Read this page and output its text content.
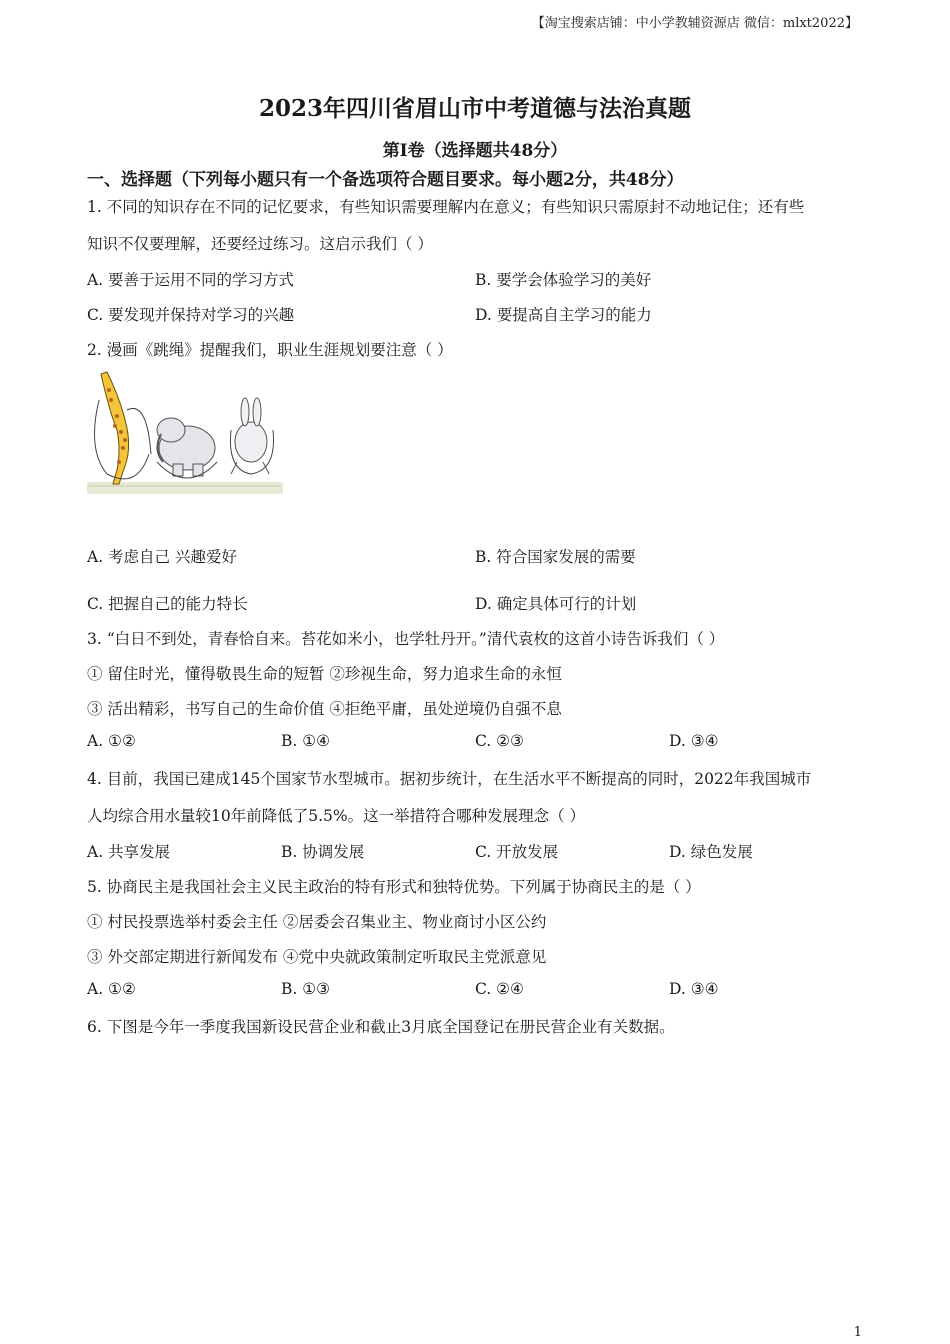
【淘宝搜索店铺：中小学教辅资源店 微信：mlxt2022】
2023年四川省眉山市中考道德与法治真题
第I卷（选择题共48分）
一、选择题（下列每小题只有一个备选项符合题目要求。每小题2分，共48分）
1. 不同的知识存在不同的记忆要求，有些知识需要理解内在意义；有些知识只需原封不动地记住；还有些
知识不仅要理解，还要经过练习。这启示我们（ ）
A. 要善于运用不同的学习方式	B. 要学会体验学习的美好
C. 要发现并保持对学习的兴趣	D. 要提高自主学习的能力
2. 漫画《跳绳》提醒我们，职业生涯规划要注意（ ）
A. 考虑自己 兴趣爱好	B. 符合国家发展的需要
C. 把握自己的能力特长	D. 确定具体可行的计划
3. “白日不到处，青春恰自来。苔花如米小，也学牡丹开。”清代袁枚的这首小诗告诉我们（ ）
① 留住时光，懂得敬畏生命的短暂 ②珍视生命，努力追求生命的永恒
③ 活出精彩，书写自己的生命价值 ④拒绝平庸，虽处逆境仍自强不息
A. ①②	B. ①④	C. ②③	D. ③④
4. 目前，我国已建成145个国家节水型城市。据初步统计，在生活水平不断提高的同时，2022年我国城市
人均综合用水量较10年前降低了5.5%。这一举措符合哪种发展理念（ ）
A. 共享发展	B. 协调发展	C. 开放发展	D. 绿色发展
5. 协商民主是我国社会主义民主政治的特有形式和独特优势。下列属于协商民主的是（ ）
① 村民投票选举村委会主任 ②居委会召集业主、物业商讨小区公约
③ 外交部定期进行新闻发布 ④党中央就政策制定听取民主党派意见
A. ①②	B. ①③	C. ②④	D. ③④
6. 下图是今年一季度我国新设民营企业和截止3月底全国登记在册民营企业有关数据。
1
